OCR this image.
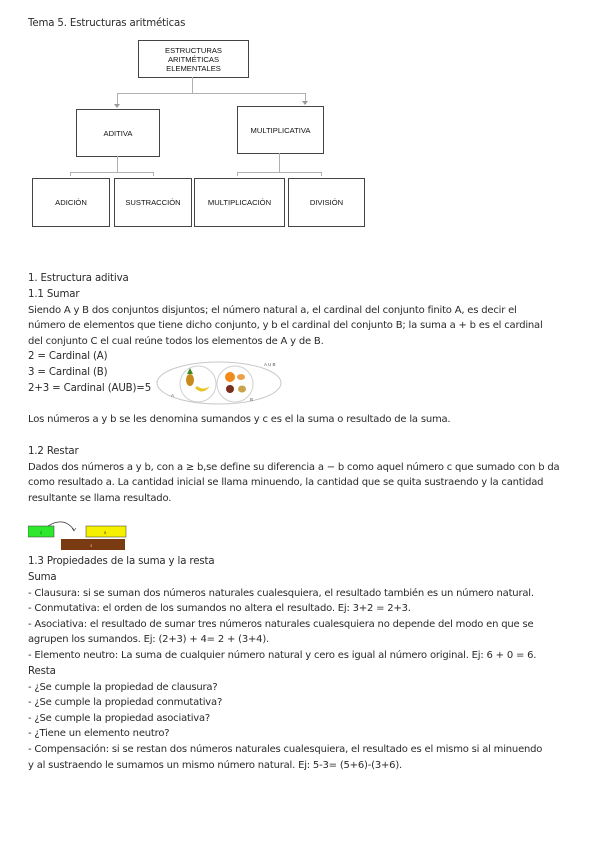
Tema 5. Estructuras aritméticas
ESTRUCTURAS
ARITMÉTICAS
ELEMENTALES
ADITIVA	MULTIPLICATIVA
ADICIÓN	SUSTRACCIÓN	MULTIPLICACIÓN	DIVISIÓN
1. Estructura aditiva
1.1 Sumar
Siendo A y B dos conjuntos disjuntos; el número natural a, el cardinal del conjunto finito A, es decir el
número de elementos que tiene dicho conjunto, y b el cardinal del conjunto B; la suma a + b es el cardinal
del conjunto C el cual reúne todos los elementos de A y de B.
2 = Cardinal (A)
3 = Cardinal (B)
2+3 = Cardinal (AUB)=5
A U B
A
B
Los números a y b se les denomina sumandos y c es el la suma o resultado de la suma.
1.2 Restar
Dados dos números a y b, con a ≥ b,se define su diferencia a − b como aquel número c que sumado con b da
como resultado a. La cantidad inicial se llama minuendo, la cantidad que se quita sustraendo y la cantidad
resultante se llama resultado.
2	5
3
1.3 Propiedades de la suma y la resta
Suma
- Clausura: si se suman dos números naturales cualesquiera, el resultado también es un número natural.
- Conmutativa: el orden de los sumandos no altera el resultado. Ej: 3+2 = 2+3.
- Asociativa: el resultado de sumar tres números naturales cualesquiera no depende del modo en que se
agrupen los sumandos. Ej: (2+3) + 4= 2 + (3+4).
- Elemento neutro: La suma de cualquier número natural y cero es igual al número original. Ej: 6 + 0 = 6.
Resta
- ¿Se cumple la propiedad de clausura?
- ¿Se cumple la propiedad conmutativa?
- ¿Se cumple la propiedad asociativa?
- ¿Tiene un elemento neutro?
- Compensación: si se restan dos números naturales cualesquiera, el resultado es el mismo si al minuendo
y al sustraendo le sumamos un mismo número natural. Ej: 5-3= (5+6)-(3+6).
